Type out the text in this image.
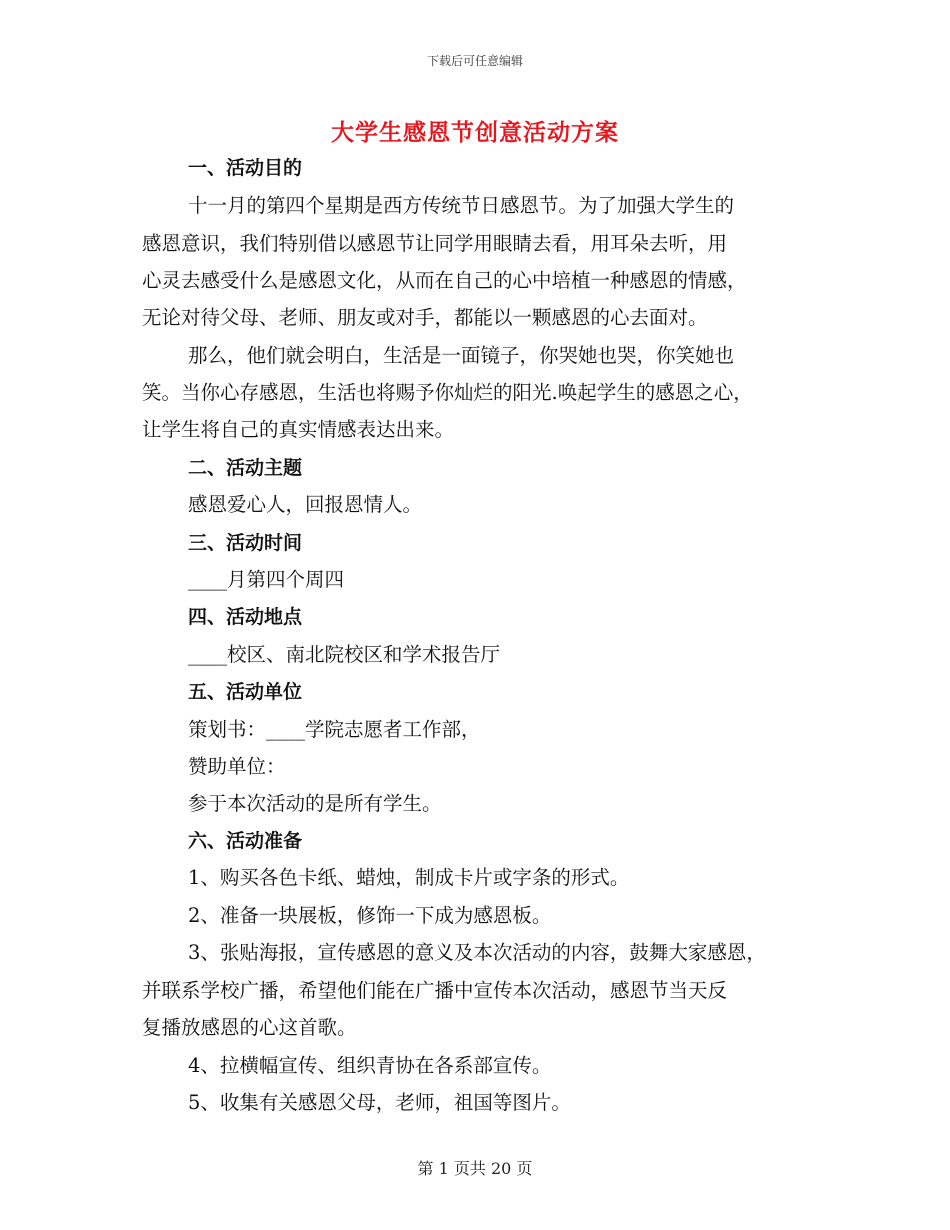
下载后可任意编辑
大学生感恩节创意活动方案
一、活动目的
十一月的第四个星期是西方传统节日感恩节。为了加强大学生的
感恩意识，我们特别借以感恩节让同学用眼睛去看，用耳朵去听，用
心灵去感受什么是感恩文化，从而在自己的心中培植一种感恩的情感，
无论对待父母、老师、朋友或对手，都能以一颗感恩的心去面对。
那么，他们就会明白，生活是一面镜子，你哭她也哭，你笑她也
笑。当你心存感恩，生活也将赐予你灿烂的阳光.唤起学生的感恩之心，
让学生将自己的真实情感表达出来。
二、活动主题
感恩爱心人，回报恩情人。
三、活动时间
____月第四个周四
四、活动地点
____校区、南北院校区和学术报告厅
五、活动单位
策划书：____学院志愿者工作部，
赞助单位：
参于本次活动的是所有学生。
六、活动准备
1、购买各色卡纸、蜡烛，制成卡片或字条的形式。
2、准备一块展板，修饰一下成为感恩板。
3、张贴海报，宣传感恩的意义及本次活动的内容，鼓舞大家感恩，
并联系学校广播，希望他们能在广播中宣传本次活动，感恩节当天反
复播放感恩的心这首歌。
4、拉横幅宣传、组织青协在各系部宣传。
5、收集有关感恩父母，老师，祖国等图片。
第 1 页共 20 页
